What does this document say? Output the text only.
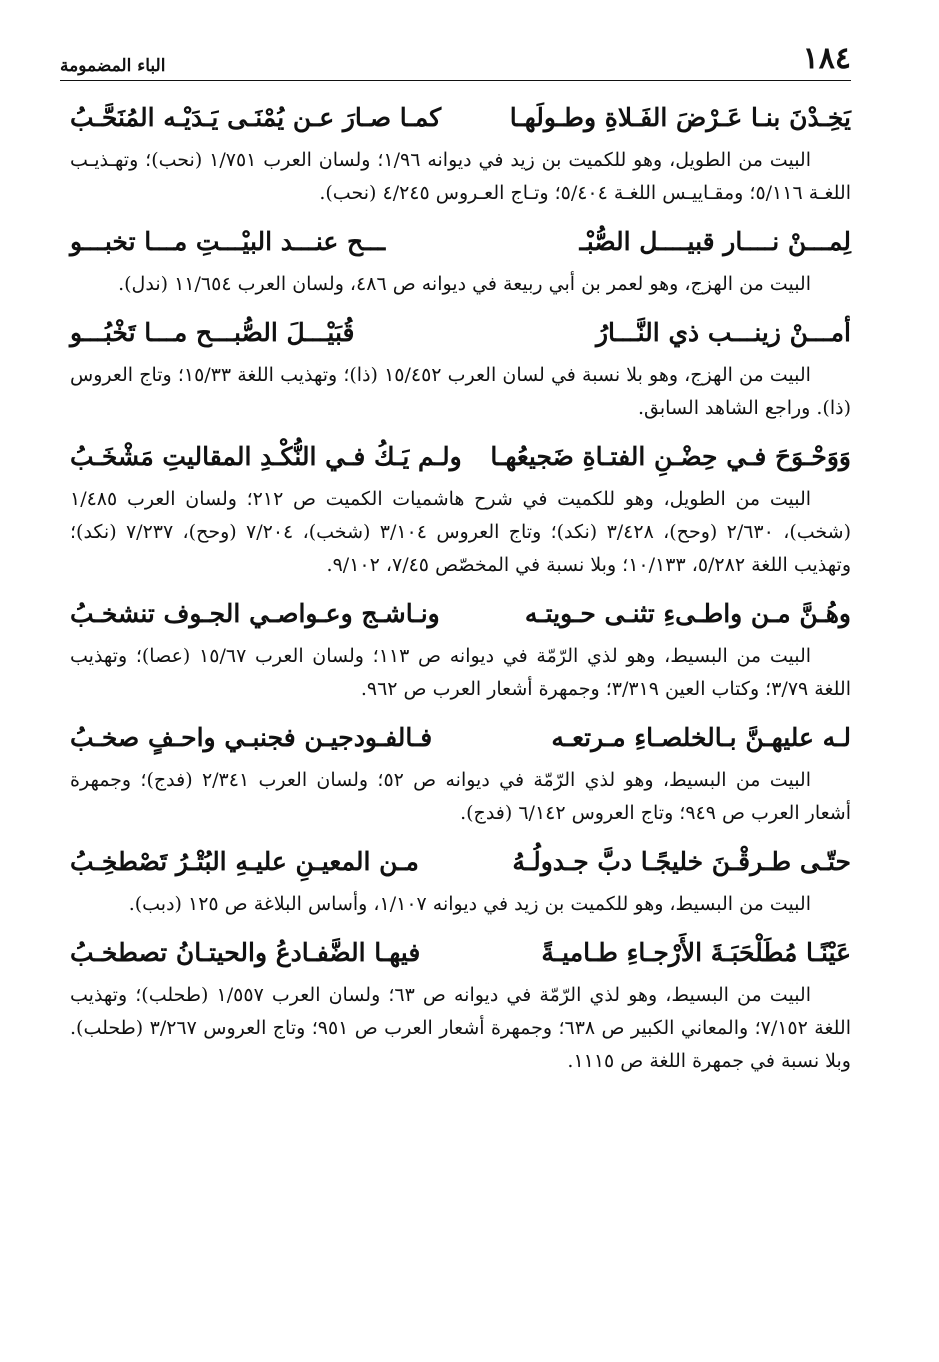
١٨٤
الباء المضمومة
يَخِـدْنَ بنـا عَـرْضَ الفَـلاةِ وطـولَهـا
كمـا صـارَ عـن يُمْنَـى يَـدَيْـه المُنَحَّـبُ

البيت من الطويل، وهو للكميت بن زيد في ديوانه ١/٩٦؛ ولسان العرب ١/٧٥١ (نحب)؛ وتهـذيـب اللغـة ٥/١١٦؛ ومقـاييـس اللغـة ٥/٤٠٤؛ وتـاج العـروس ٤/٢٤٥ (نحب).

لِمـــنْ نــــار قبيــــل الصُّبْـ
ـــح عنـــد البيْـــتِ مـــا تخبـــو

البيت من الهزج، وهو لعمر بن أبي ربيعة في ديوانه ص ٤٨٦، ولسان العرب ١١/٦٥٤ (ندل).

أمـــنْ زينـــب ذي النَّـــارُ
قُبَيْـــلَ الصُّبـــح مـــا تَخْبُـــو

البيت من الهزج، وهو بلا نسبة في لسان العرب ١٥/٤٥٢ (ذا)؛ وتهذيب اللغة ١٥/٣٣؛ وتاج العروس (ذا). وراجع الشاهد السابق.

وَوَحْـوَحَ فـي حِضْـنِ الفتـاةِ ضَجيعُهـا
ولـم يَـكُ فـي النُّكْـدِ المقاليتِ مَشْخَـبُ

البيت من الطويل، وهو للكميت في شرح هاشميات الكميت ص ٢١٢؛ ولسان العرب ١/٤٨٥ (شخب)، ٢/٦٣٠ (وحح)، ٣/٤٢٨ (نكد)؛ وتاج العروس ٣/١٠٤ (شخب)، ٧/٢٠٤ (وحح)، ٧/٢٣٧ (نكد)؛وتهذيب اللغة ٥/٢٨٢، ١٠/١٣٣؛ وبلا نسبة في المخصّص ٧/٤٥، ٩/١٠٢.

وهُـنَّ مـن واطـىءِ تثنـى حـويتـه
ونـاشـج وعـواصـي الجـوف تنشخـبُ

البيت من البسيط، وهو لذي الرّمّة في ديوانه ص ١١٣؛ ولسان العرب ١٥/٦٧ (عصا)؛ وتهذيب اللغة ٣/٧٩؛ وكتاب العين ٣/٣١٩؛ وجمهرة أشعار العرب ص ٩٦٢.

لـه عليهـنَّ بـالخلصـاءِ مـرتعـه
فـالفـودجيـن فجنبـي واحـفٍ صخـبُ

البيت من البسيط، وهو لذي الرّمّة في ديوانه ص ٥٢؛ ولسان العرب ٢/٣٤١ (فدج)؛ وجمهرة أشعار العرب ص ٩٤٩؛ وتاج العروس ٦/١٤٢ (فدج).

حتّـى طـرقْـنَ خليجًـا دبَّ جـدولُـهُ
مـن المعيـنِ عليـهِ البُتْـرُ تَصْطخِـبُ

البيت من البسيط، وهو للكميت بن زيد في ديوانه ١/١٠٧، وأساس البلاغة ص ١٢٥ (دبب).

عَيْنًـا مُطَلْحَبَـةَ الأَرْجـاءِ طـاميـةً
فيهـا الضَّفـادعُ والحيتـانُ تصطخـبُ

البيت من البسيط، وهو لذي الرّمّة في ديوانه ص ٦٣؛ ولسان العرب ١/٥٥٧ (طحلب)؛ وتهذيب اللغة ٧/١٥٢؛ والمعاني الكبير ص ٦٣٨؛ وجمهرة أشعار العرب ص ٩٥١؛ وتاج العروس ٣/٢٦٧ (طحلب). وبلا نسبة في جمهرة اللغة ص ١١١٥.
